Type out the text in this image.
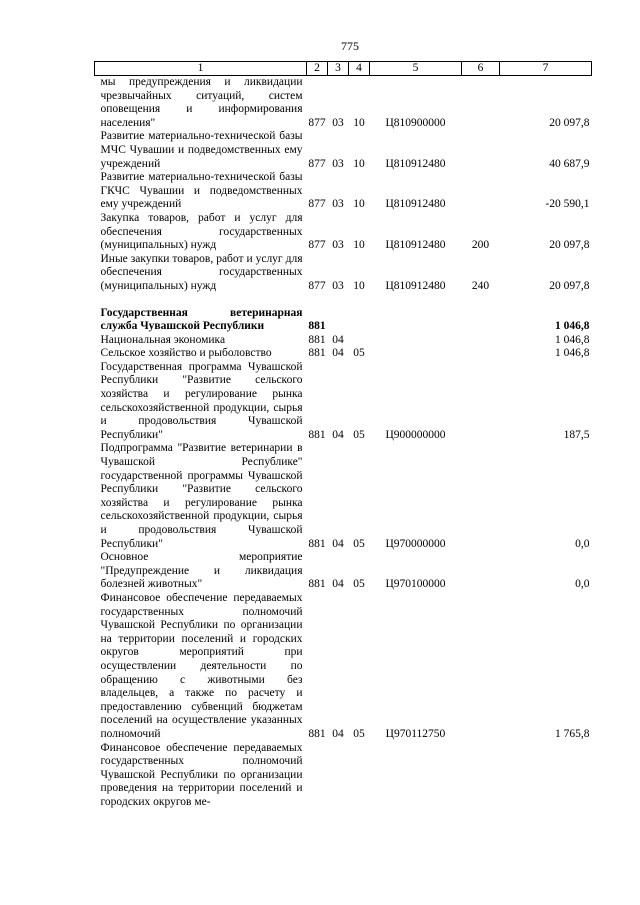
775
1	2	3	4	5	6	7
мы предупреждения и ликвидации чрезвычайных ситуаций, систем оповещения и информирования населения"	877	03	10	Ц810900000		20 097,8
Развитие материально-технической базы МЧС Чувашии и подведомственных ему учреждений	877	03	10	Ц810912480		40 687,9
Развитие материально-технической базы ГКЧС Чувашии и подведомственных ему учреждений	877	03	10	Ц810912480		-20 590,1
Закупка товаров, работ и услуг для обеспечения государственных (муниципальных) нужд	877	03	10	Ц810912480	200	20 097,8
Иные закупки товаров, работ и услуг для обеспечения государственных (муниципальных) нужд	877	03	10	Ц810912480	240	20 097,8

Государственная ветеринарная служба Чувашской Республики	881					1 046,8
Национальная экономика	881	04				1 046,8
Сельское хозяйство и рыболовство	881	04	05			1 046,8
Государственная программа Чувашской Республики "Развитие сельского хозяйства и регулирование рынка сельскохозяйственной продукции, сырья и продовольствия Чувашской Республики"	881	04	05	Ц900000000		187,5
Подпрограмма "Развитие ветеринарии в Чувашской Республике" государственной программы Чувашской Республики "Развитие сельского хозяйства и регулирование рынка сельскохозяйственной продукции, сырья и продовольствия Чувашской Республики"	881	04	05	Ц970000000		0,0
Основное мероприятие "Предупреждение и ликвидация болезней животных"	881	04	05	Ц970100000		0,0
Финансовое обеспечение передаваемых государственных полномочий Чувашской Республики по организации на территории поселений и городских округов мероприятий при осуществлении деятельности по обращению с животными без владельцев, а также по расчету и предоставлению субвенций бюджетам поселений на осуществление указанных полномочий	881	04	05	Ц970112750		1 765,8
Финансовое обеспечение передаваемых государственных полномочий Чувашской Республики по организации проведения на территории поселений и городских округов ме-						
